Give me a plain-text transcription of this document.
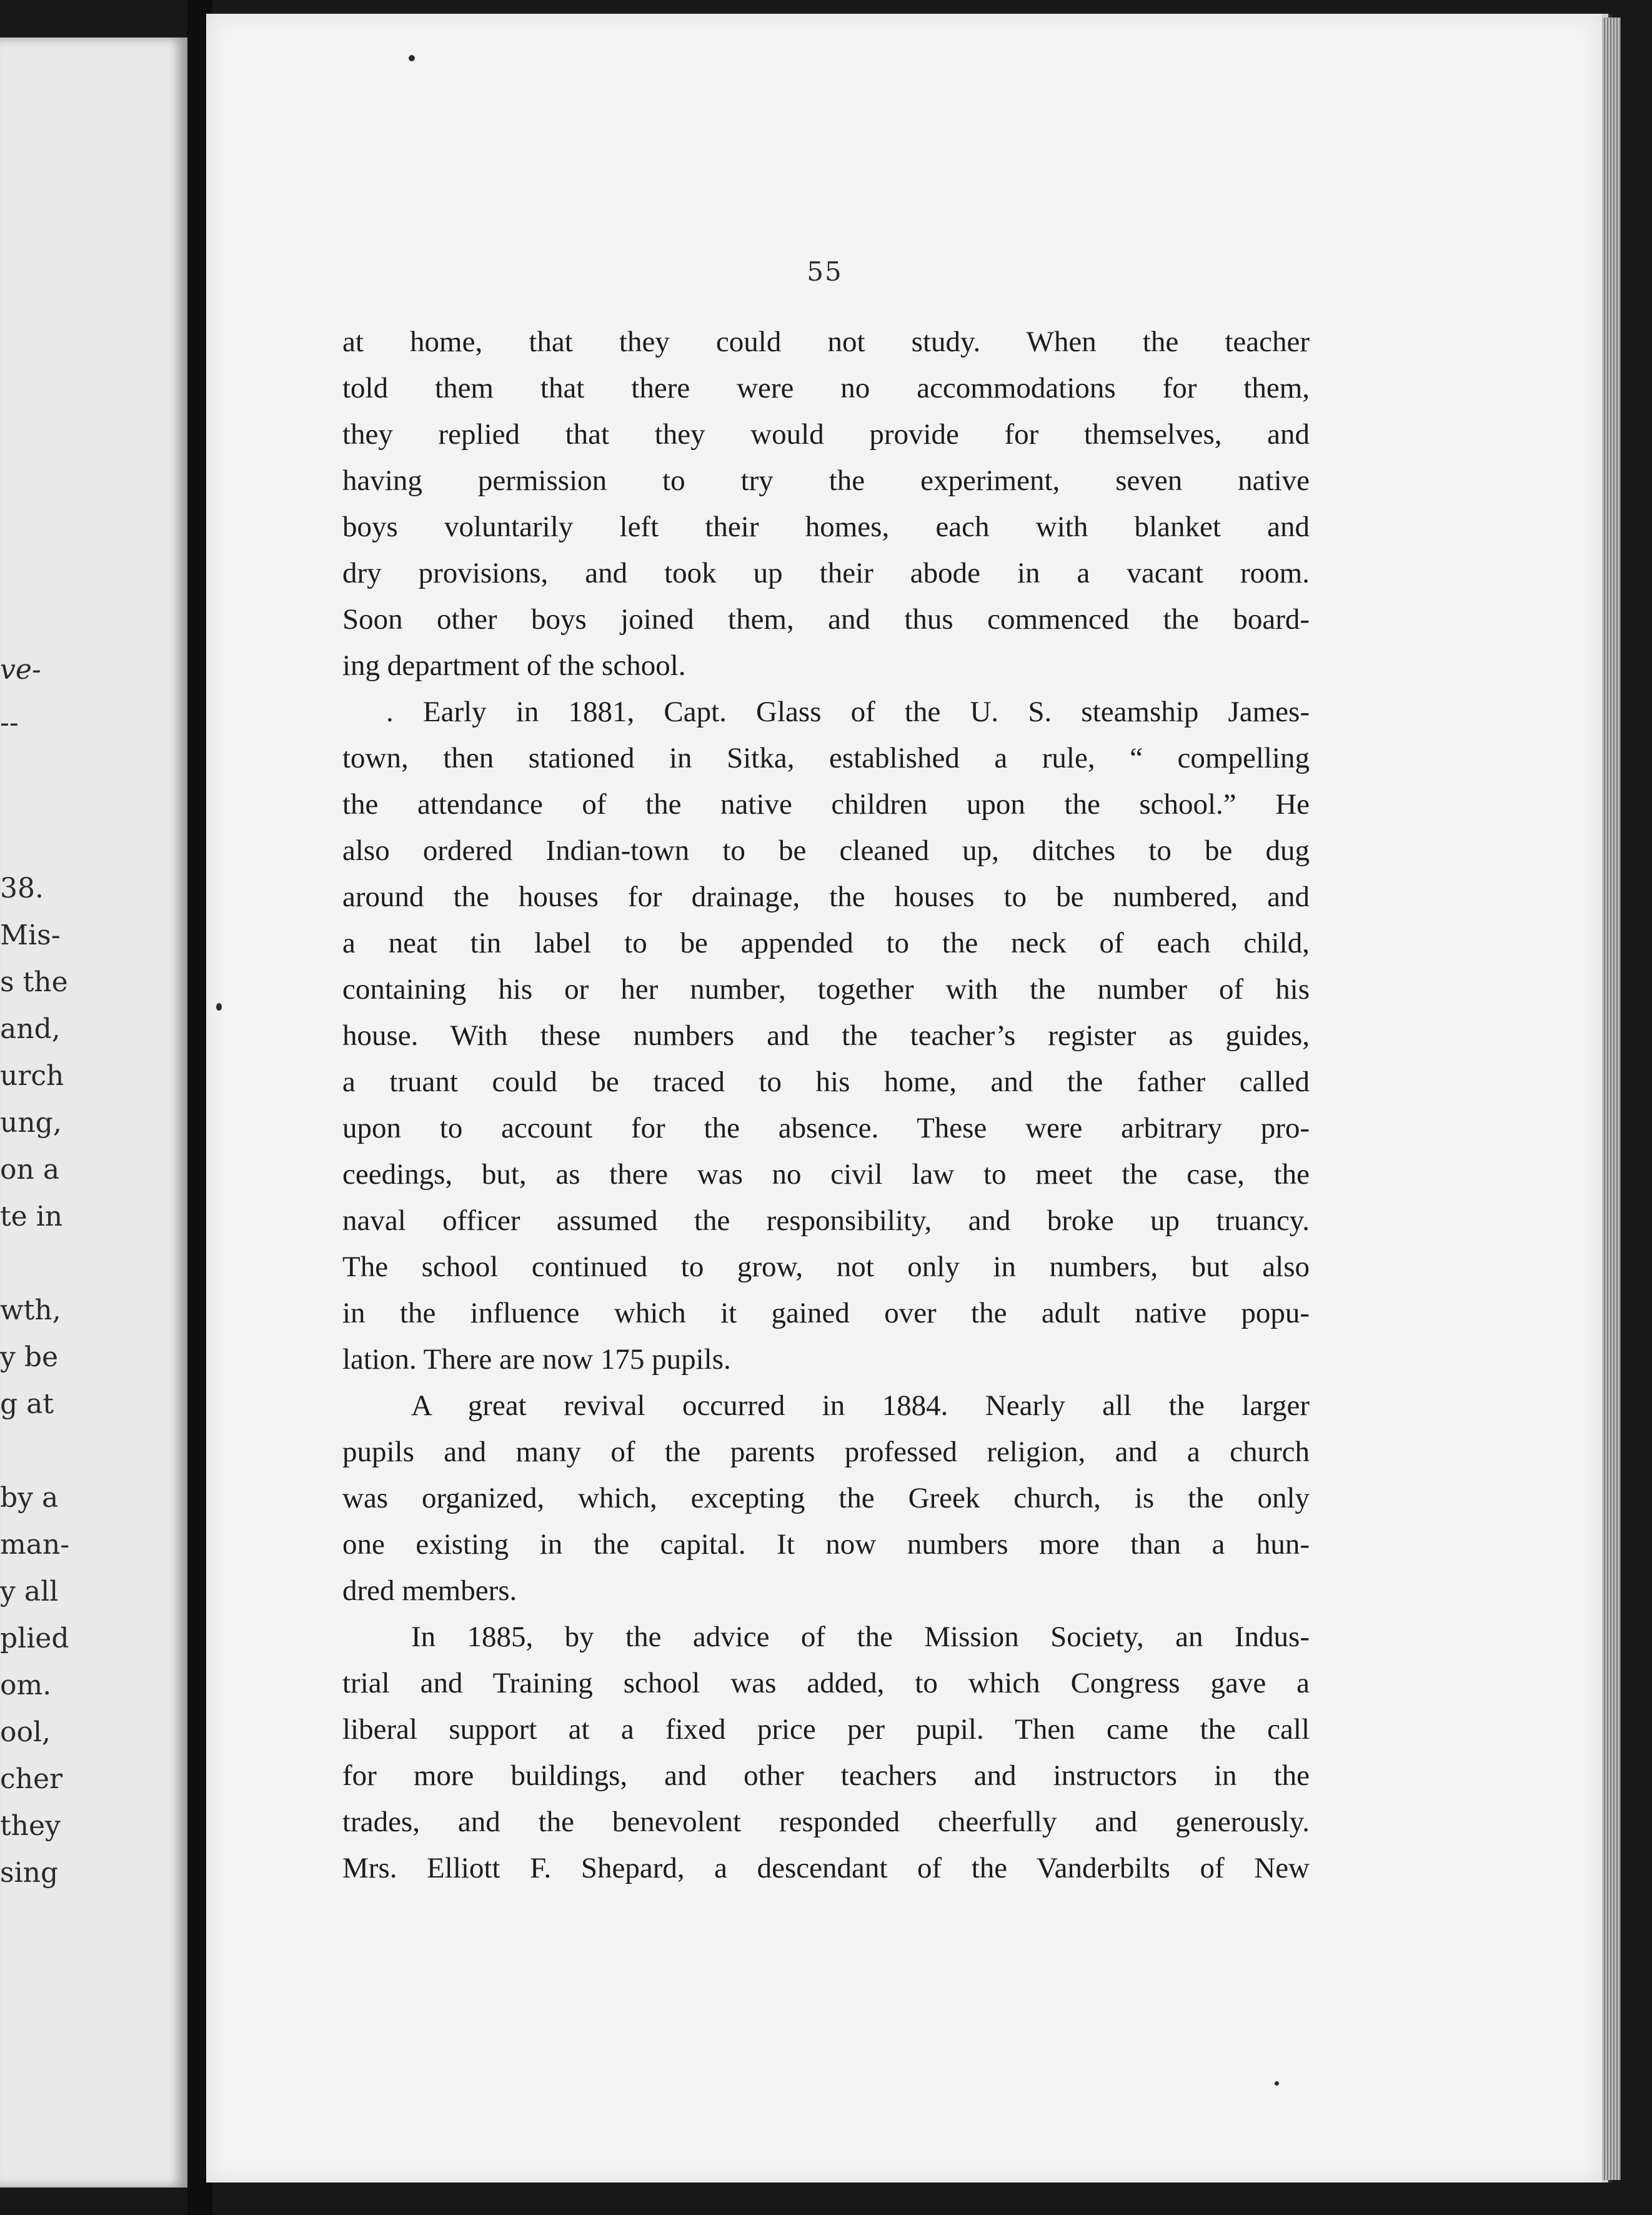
ve-
--
38.
Mis-
s the
and,
urch
ung,
on a
te in
wth,
y be
g at
by a
man-
y all
plied
om.
ool,
cher
they
sing
55
at home, that they could not study. When the teacher
told them that there were no accommodations for them,
they replied that they would provide for themselves, and
having permission to try the experiment, seven native
boys voluntarily left their homes, each with blanket and
dry provisions, and took up their abode in a vacant room.
Soon other boys joined them, and thus commenced the board-
ing department of the school.
. Early in 1881, Capt. Glass of the U. S. steamship James-
town, then stationed in Sitka, established a rule, “ compelling
the attendance of the native children upon the school.” He
also ordered Indian-town to be cleaned up, ditches to be dug
around the houses for drainage, the houses to be numbered, and
a neat tin label to be appended to the neck of each child,
containing his or her number, together with the number of his
house. With these numbers and the teacher’s register as guides,
a truant could be traced to his home, and the father called
upon to account for the absence. These were arbitrary pro-
ceedings, but, as there was no civil law to meet the case, the
naval officer assumed the responsibility, and broke up truancy.
The school continued to grow, not only in numbers, but also
in the influence which it gained over the adult native popu-
lation. There are now 175 pupils.
A great revival occurred in 1884. Nearly all the larger
pupils and many of the parents professed religion, and a church
was organized, which, excepting the Greek church, is the only
one existing in the capital. It now numbers more than a hun-
dred members.
In 1885, by the advice of the Mission Society, an Indus-
trial and Training school was added, to which Congress gave a
liberal support at a fixed price per pupil. Then came the call
for more buildings, and other teachers and instructors in the
trades, and the benevolent responded cheerfully and generously.
Mrs. Elliott F. Shepard, a descendant of the Vanderbilts of New
